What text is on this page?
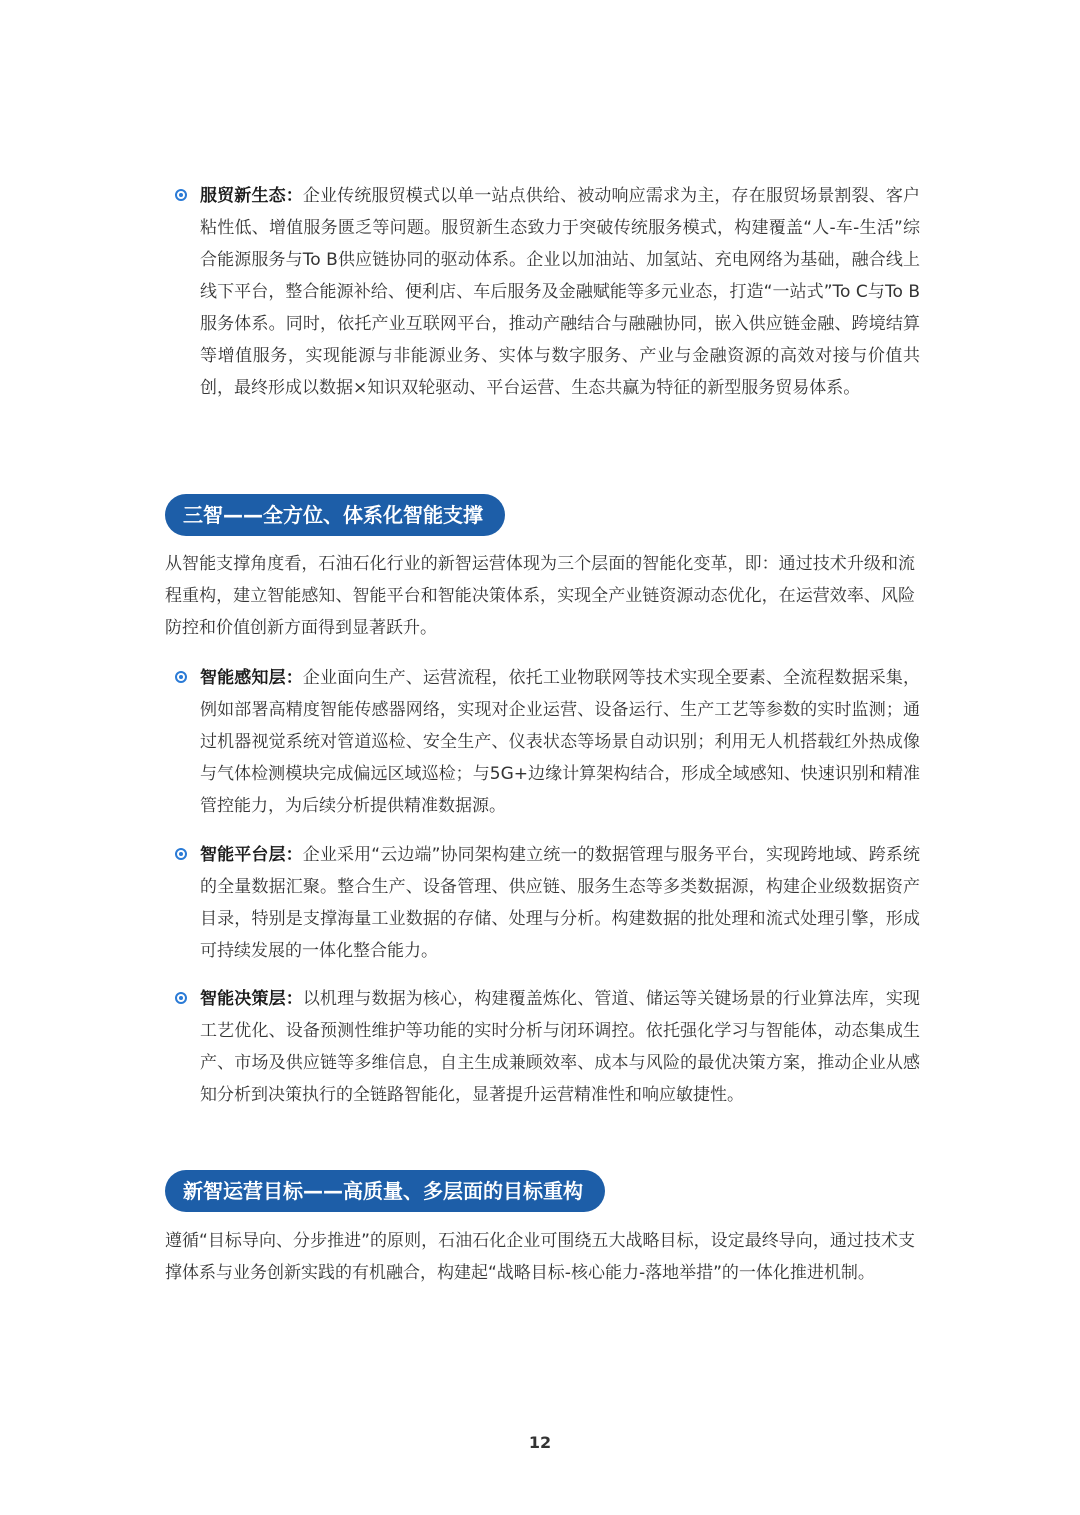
服贸新生态：企业传统服贸模式以单一站点供给、被动响应需求为主，存在服贸场景割裂、客户粘性低、增值服务匮乏等问题。服贸新生态致力于突破传统服务模式，构建覆盖“人-车-生活”综合能源服务与To B供应链协同的驱动体系。企业以加油站、加氢站、充电网络为基础，融合线上线下平台，整合能源补给、便利店、车后服务及金融赋能等多元业态，打造“一站式”To C与To B服务体系。同时，依托产业互联网平台，推动产融结合与融融协同，嵌入供应链金融、跨境结算等增值服务，实现能源与非能源业务、实体与数字服务、产业与金融资源的高效对接与价值共创，最终形成以数据×知识双轮驱动、平台运营、生态共赢为特征的新型服务贸易体系。
三智——全方位、体系化智能支撑
从智能支撑角度看，石油石化行业的新智运营体现为三个层面的智能化变革，即：通过技术升级和流程重构，建立智能感知、智能平台和智能决策体系，实现全产业链资源动态优化，在运营效率、风险防控和价值创新方面得到显著跃升。
智能感知层：企业面向生产、运营流程，依托工业物联网等技术实现全要素、全流程数据采集，例如部署高精度智能传感器网络，实现对企业运营、设备运行、生产工艺等参数的实时监测；通过机器视觉系统对管道巡检、安全生产、仪表状态等场景自动识别；利用无人机搭载红外热成像与气体检测模块完成偏远区域巡检；与5G+边缘计算架构结合，形成全域感知、快速识别和精准管控能力，为后续分析提供精准数据源。
智能平台层：企业采用“云边端”协同架构建立统一的数据管理与服务平台，实现跨地域、跨系统的全量数据汇聚。整合生产、设备管理、供应链、服务生态等多类数据源，构建企业级数据资产目录，特别是支撑海量工业数据的存储、处理与分析。构建数据的批处理和流式处理引擎，形成可持续发展的一体化整合能力。
智能决策层：以机理与数据为核心，构建覆盖炼化、管道、储运等关键场景的行业算法库，实现工艺优化、设备预测性维护等功能的实时分析与闭环调控。依托强化学习与智能体，动态集成生产、市场及供应链等多维信息，自主生成兼顾效率、成本与风险的最优决策方案，推动企业从感知分析到决策执行的全链路智能化，显著提升运营精准性和响应敏捷性。
新智运营目标——高质量、多层面的目标重构
遵循“目标导向、分步推进”的原则，石油石化企业可围绕五大战略目标，设定最终导向，通过技术支撑体系与业务创新实践的有机融合，构建起“战略目标-核心能力-落地举措”的一体化推进机制。
12
